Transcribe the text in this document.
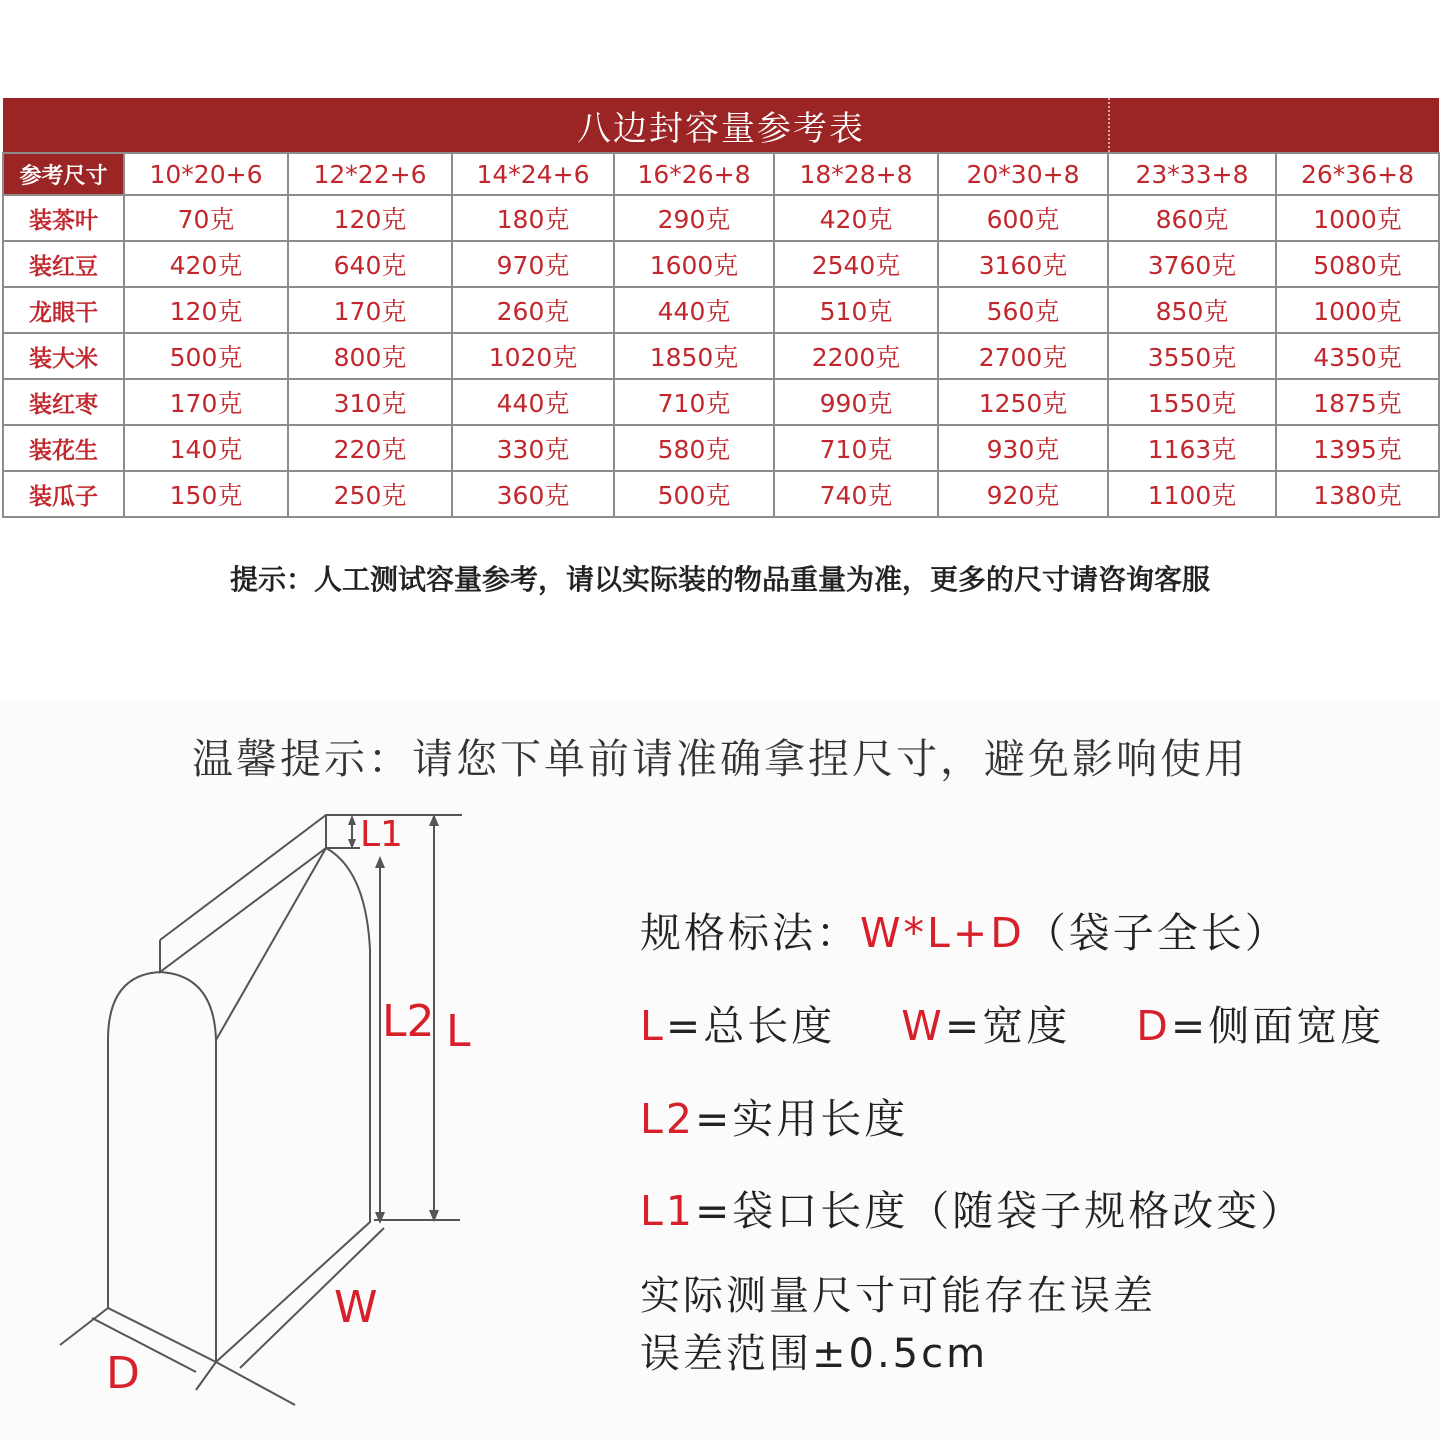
八边封容量参考表								
参考尺寸	10*20+6	12*22+6	14*24+6	16*26+8	18*28+8	20*30+8	23*33+8	26*36+8
装茶叶	70克	120克	180克	290克	420克	600克	860克	1000克
装红豆	420克	640克	970克	1600克	2540克	3160克	3760克	5080克
龙眼干	120克	170克	260克	440克	510克	560克	850克	1000克
装大米	500克	800克	1020克	1850克	2200克	2700克	3550克	4350克
装红枣	170克	310克	440克	710克	990克	1250克	1550克	1875克
装花生	140克	220克	330克	580克	710克	930克	1163克	1395克
装瓜子	150克	250克	360克	500克	740克	920克	1100克	1380克
提示：人工测试容量参考，请以实际装的物品重量为准，更多的尺寸请咨询客服
温馨提示：请您下单前请准确拿捏尺寸，避免影响使用
L1
L2 L
W
D
规格标法：W*L+D（袋子全长）
L=总长度 W=宽度 D=侧面宽度
L2=实用长度
L1=袋口长度（随袋子规格改变）
实际测量尺寸可能存在误差
误差范围±0.5cm
